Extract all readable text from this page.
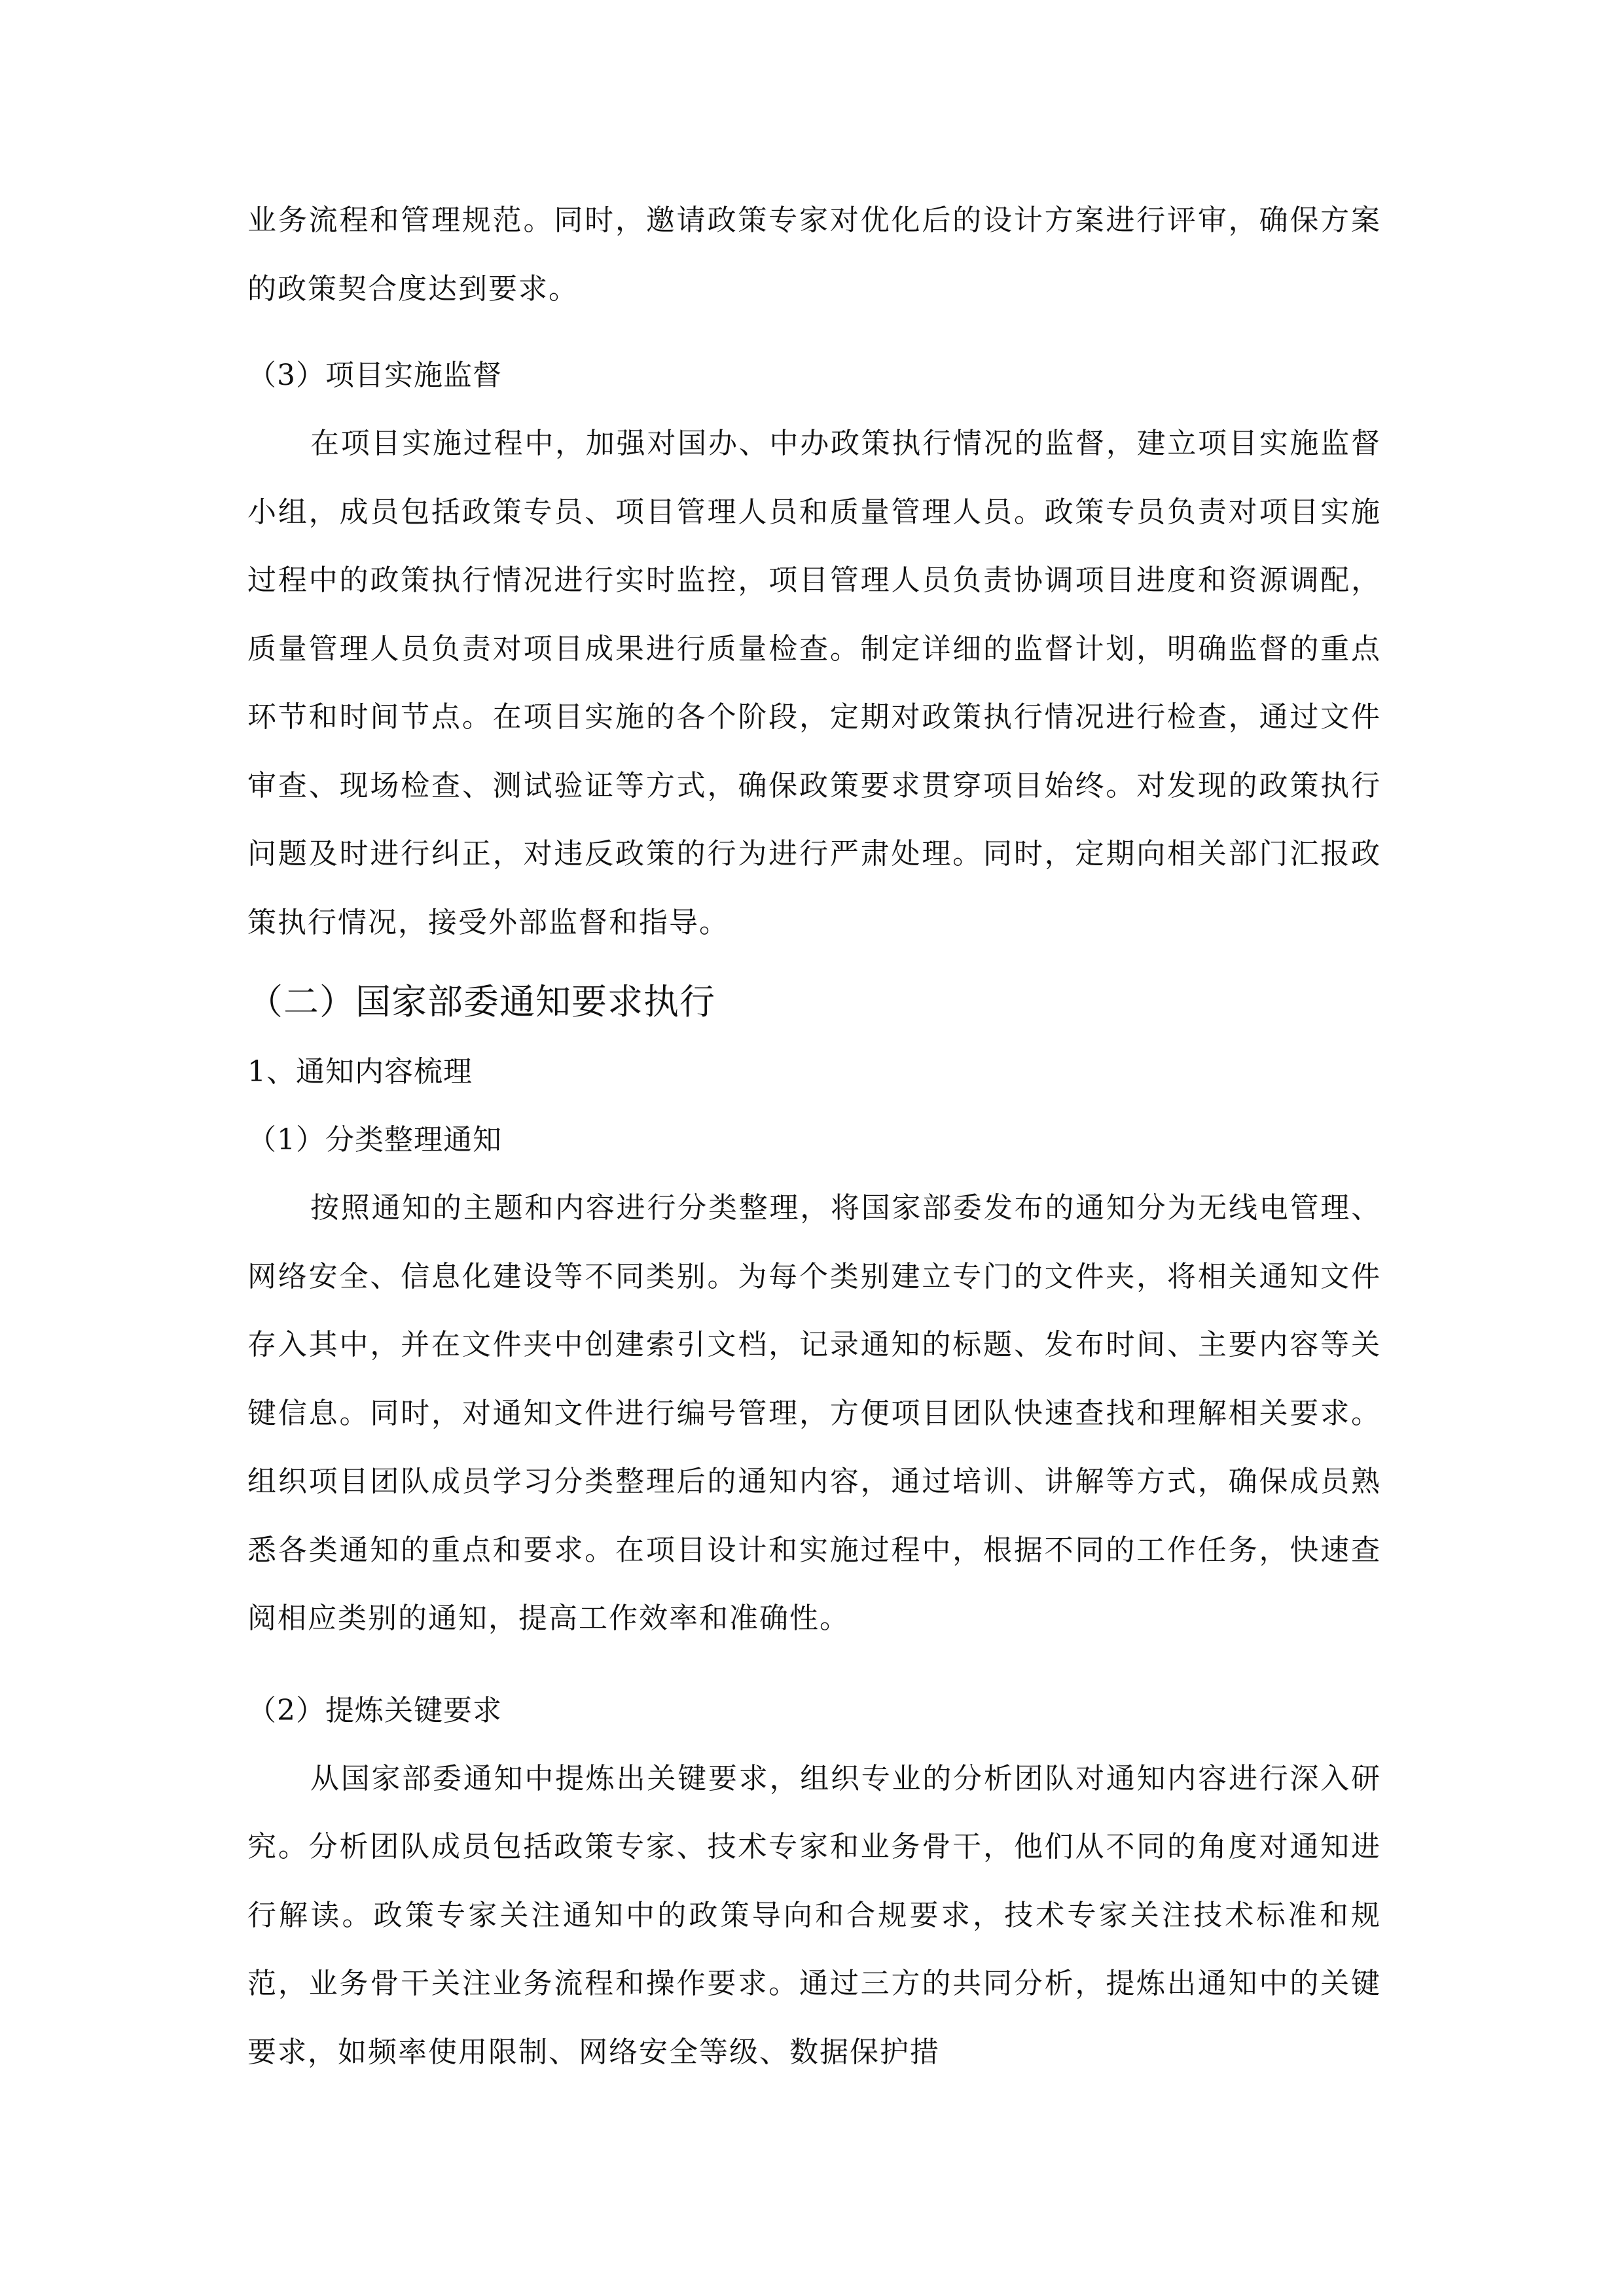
业务流程和管理规范。同时，邀请政策专家对优化后的设计方案进行评审，确保方案的政策契合度达到要求。

（3）项目实施监督

在项目实施过程中，加强对国办、中办政策执行情况的监督，建立项目实施监督小组，成员包括政策专员、项目管理人员和质量管理人员。政策专员负责对项目实施过程中的政策执行情况进行实时监控，项目管理人员负责协调项目进度和资源调配，质量管理人员负责对项目成果进行质量检查。制定详细的监督计划，明确监督的重点环节和时间节点。在项目实施的各个阶段，定期对政策执行情况进行检查，通过文件审查、现场检查、测试验证等方式，确保政策要求贯穿项目始终。对发现的政策执行问题及时进行纠正，对违反政策的行为进行严肃处理。同时，定期向相关部门汇报政策执行情况，接受外部监督和指导。

（二）国家部委通知要求执行

1、通知内容梳理

（1）分类整理通知

按照通知的主题和内容进行分类整理，将国家部委发布的通知分为无线电管理、网络安全、信息化建设等不同类别。为每个类别建立专门的文件夹，将相关通知文件存入其中，并在文件夹中创建索引文档，记录通知的标题、发布时间、主要内容等关键信息。同时，对通知文件进行编号管理，方便项目团队快速查找和理解相关要求。组织项目团队成员学习分类整理后的通知内容，通过培训、讲解等方式，确保成员熟悉各类通知的重点和要求。在项目设计和实施过程中，根据不同的工作任务，快速查阅相应类别的通知，提高工作效率和准确性。

（2）提炼关键要求

从国家部委通知中提炼出关键要求，组织专业的分析团队对通知内容进行深入研究。分析团队成员包括政策专家、技术专家和业务骨干，他们从不同的角度对通知进行解读。政策专家关注通知中的政策导向和合规要求，技术专家关注技术标准和规范，业务骨干关注业务流程和操作要求。通过三方的共同分析，提炼出通知中的关键要求，如频率使用限制、网络安全等级、数据保护措
